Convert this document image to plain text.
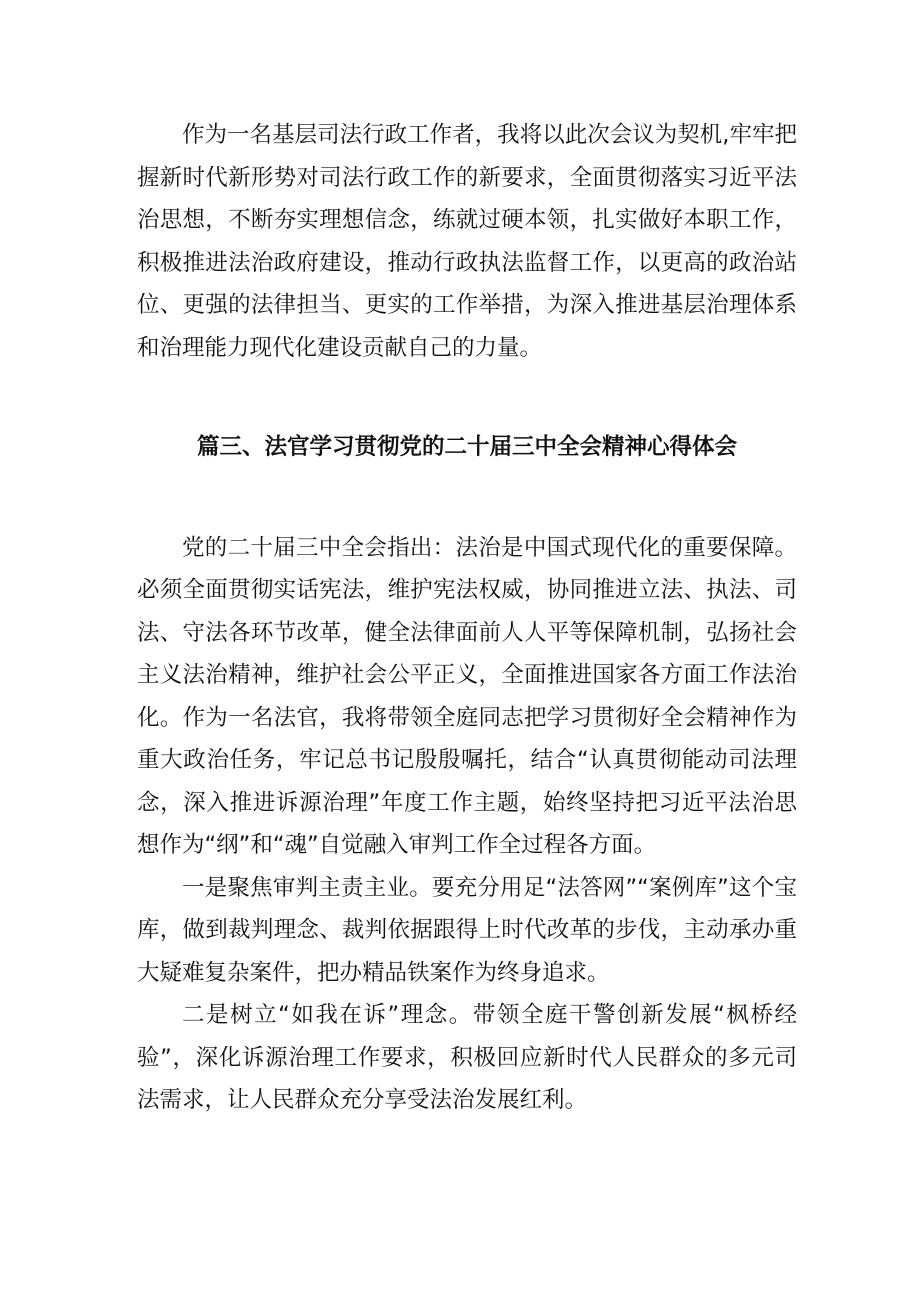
作为一名基层司法行政工作者，我将以此次会议为契机,牢牢把握新时代新形势对司法行政工作的新要求，全面贯彻落实习近平法治思想，不断夯实理想信念，练就过硬本领，扎实做好本职工作，积极推进法治政府建设，推动行政执法监督工作，以更高的政治站位、更强的法律担当、更实的工作举措，为深入推进基层治理体系和治理能力现代化建设贡献自己的力量。

篇三、法官学习贯彻党的二十届三中全会精神心得体会

党的二十届三中全会指出：法治是中国式现代化的重要保障。必须全面贯彻实话宪法，维护宪法权威，协同推进立法、执法、司法、守法各环节改革，健全法律面前人人平等保障机制，弘扬社会主义法治精神，维护社会公平正义，全面推进国家各方面工作法治化。作为一名法官，我将带领全庭同志把学习贯彻好全会精神作为重大政治任务，牢记总书记殷殷嘱托，结合“认真贯彻能动司法理念，深入推进诉源治理”年度工作主题，始终坚持把习近平法治思想作为“纲”和“魂”自觉融入审判工作全过程各方面。

一是聚焦审判主责主业。要充分用足“法答网”“案例库”这个宝库，做到裁判理念、裁判依据跟得上时代改革的步伐，主动承办重大疑难复杂案件，把办精品铁案作为终身追求。

二是树立“如我在诉”理念。带领全庭干警创新发展“枫桥经验”，深化诉源治理工作要求，积极回应新时代人民群众的多元司法需求，让人民群众充分享受法治发展红利。
